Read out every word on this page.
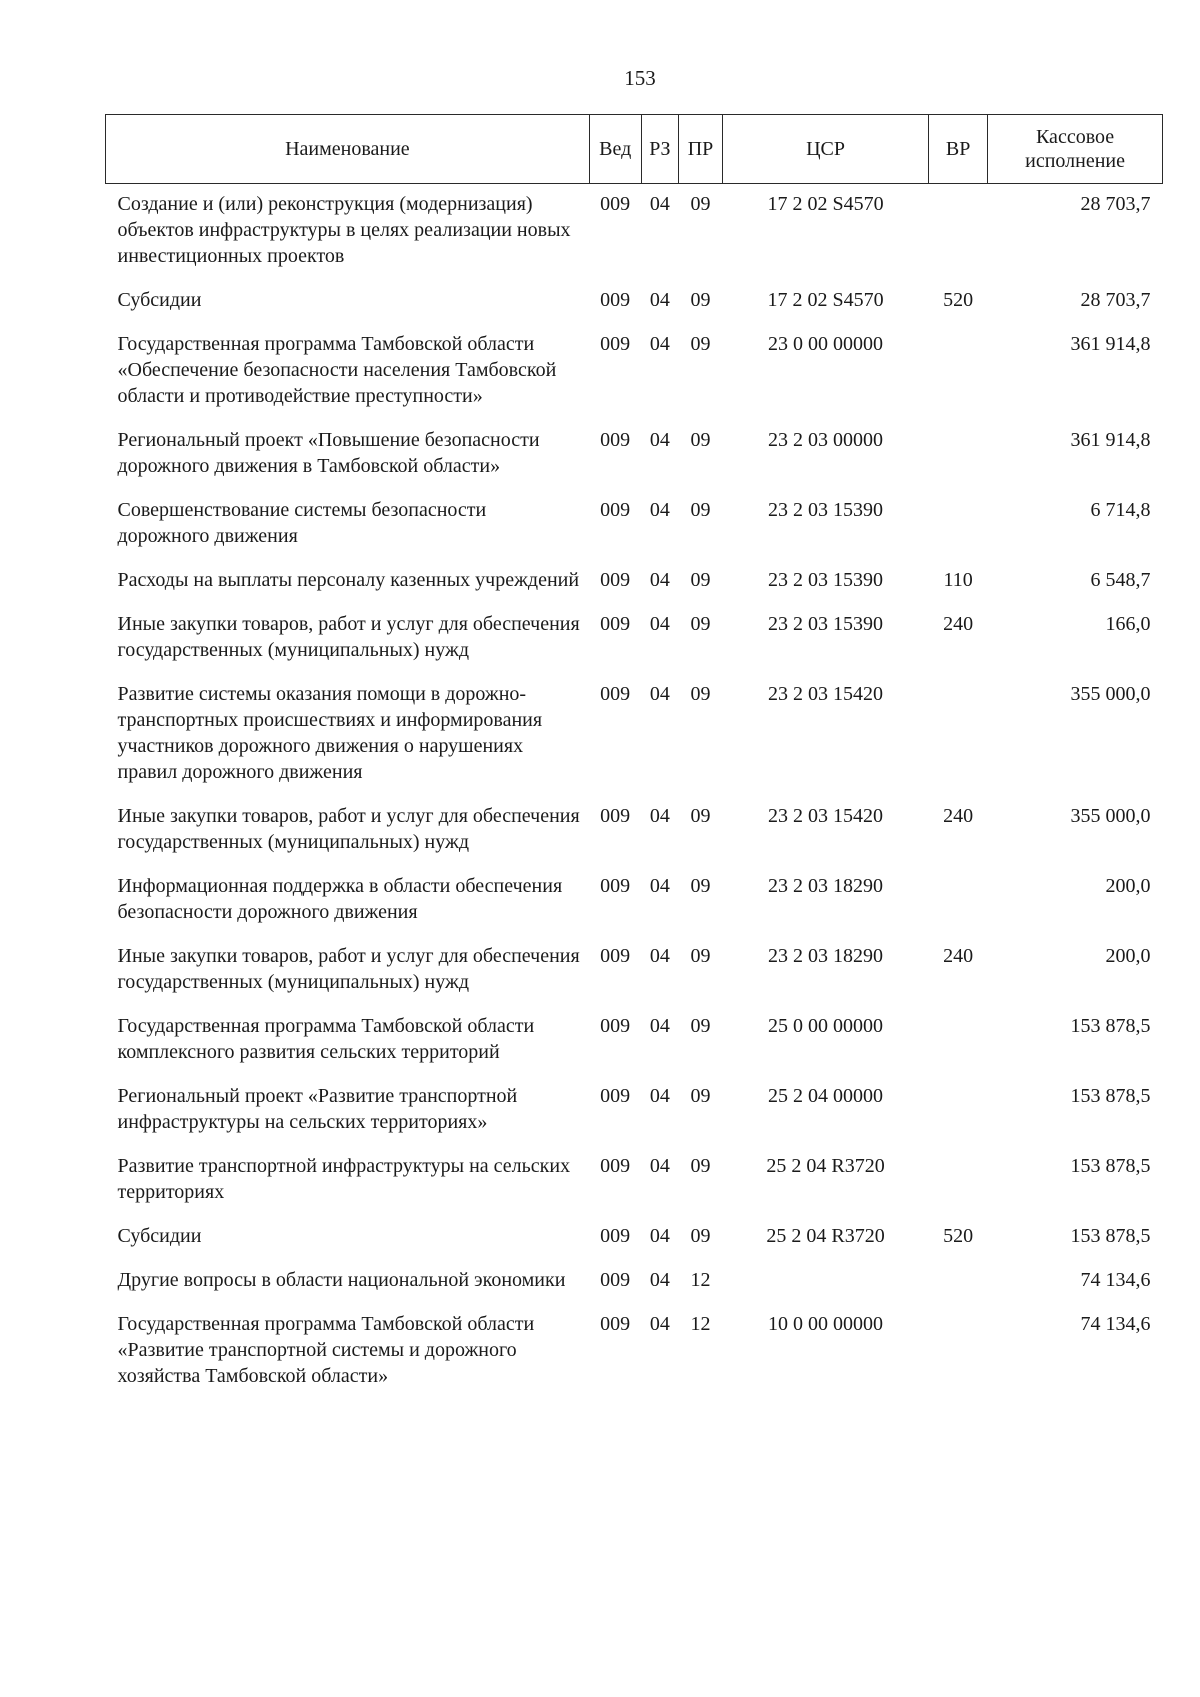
153
Наименование	Вед	РЗ	ПР	ЦСР	ВР	Кассовое исполнение
Создание и (или) реконструкция (модернизация) объектов инфраструктуры в целях реализации новых инвестиционных проектов	009	04	09	17 2 02 S4570		28 703,7
Субсидии	009	04	09	17 2 02 S4570	520	28 703,7
Государственная программа Тамбовской области «Обеспечение безопасности населения Тамбовской области и противодействие преступности»	009	04	09	23 0 00 00000		361 914,8
Региональный проект «Повышение безопасности дорожного движения в Тамбовской области»	009	04	09	23 2 03 00000		361 914,8
Совершенствование системы безопасности дорожного движения	009	04	09	23 2 03 15390		6 714,8
Расходы на выплаты персоналу казенных учреждений	009	04	09	23 2 03 15390	110	6 548,7
Иные закупки товаров, работ и услуг для обеспечения государственных (муниципальных) нужд	009	04	09	23 2 03 15390	240	166,0
Развитие системы оказания помощи в дорожно-транспортных происшествиях и информирования участников дорожного движения о нарушениях правил дорожного движения	009	04	09	23 2 03 15420		355 000,0
Иные закупки товаров, работ и услуг для обеспечения государственных (муниципальных) нужд	009	04	09	23 2 03 15420	240	355 000,0
Информационная поддержка в области обеспечения безопасности дорожного движения	009	04	09	23 2 03 18290		200,0
Иные закупки товаров, работ и услуг для обеспечения государственных (муниципальных) нужд	009	04	09	23 2 03 18290	240	200,0
Государственная программа Тамбовской области комплексного развития сельских территорий	009	04	09	25 0 00 00000		153 878,5
Региональный проект «Развитие транспортной инфраструктуры на сельских территориях»	009	04	09	25 2 04 00000		153 878,5
Развитие транспортной инфраструктуры на сельских территориях	009	04	09	25 2 04 R3720		153 878,5
Субсидии	009	04	09	25 2 04 R3720	520	153 878,5
Другие вопросы в области национальной экономики	009	04	12			74 134,6
Государственная программа Тамбовской области «Развитие транспортной системы и дорожного хозяйства Тамбовской области»	009	04	12	10 0 00 00000		74 134,6
